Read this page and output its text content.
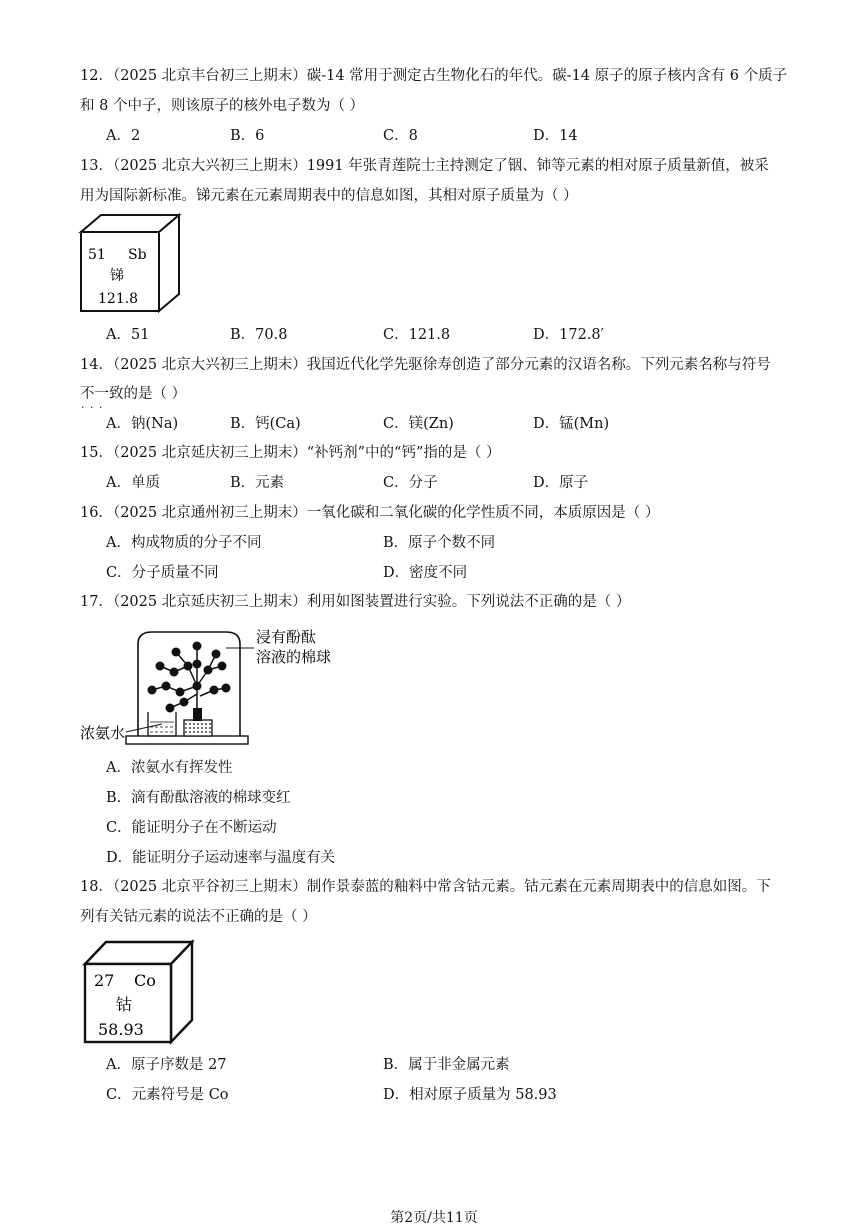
12．（2025 北京丰台初三上期末）碳-14 常用于测定古生物化石的年代。碳-14 原子的原子核内含有 6 个质子
和 8 个中子，则该原子的核外电子数为（ ）
A．2	B．6	C．8	D．14
13．（2025 北京大兴初三上期末）1991 年张青莲院士主持测定了铟、铈等元素的相对原子质量新值，被采
用为国际新标准。锑元素在元素周期表中的信息如图，其相对原子质量为（ ）
51 Sb
锑
121.8
A．51	B．70.8	C．121.8	D．172.8′
14．（2025 北京大兴初三上期末）我国近代化学先驱徐寿创造了部分元素的汉语名称。下列元素名称与符号
不一致 · · ·的是（ ）
A．钠(Na)	B．钙(Ca)	C．镁(Zn)	D．锰(Mn)
15．（2025 北京延庆初三上期末）“补钙剂”中的“钙”指的是（ ）
A．单质	B．元素	C．分子	D．原子
16．（2025 北京通州初三上期末）一氧化碳和二氧化碳的化学性质不同，本质原因是（ ）
A．构成物质的分子不同	B．原子个数不同
C．分子质量不同	D．密度不同
17．（2025 北京延庆初三上期末）利用如图装置进行实验。下列说法不正确的是（ ）
浸有酚酞
溶液的棉球
浓氨水
A．浓氨水有挥发性
B．滴有酚酞溶液的棉球变红
C．能证明分子在不断运动
D．能证明分子运动速率与温度有关
18．（2025 北京平谷初三上期末）制作景泰蓝的釉料中常含钴元素。钴元素在元素周期表中的信息如图。下
列有关钴元素的说法不正确的是（ ）
27 Co
钴
58.93
A．原子序数是 27	B．属于非金属元素
C．元素符号是 Co	D．相对原子质量为 58.93
第2页/共11页
